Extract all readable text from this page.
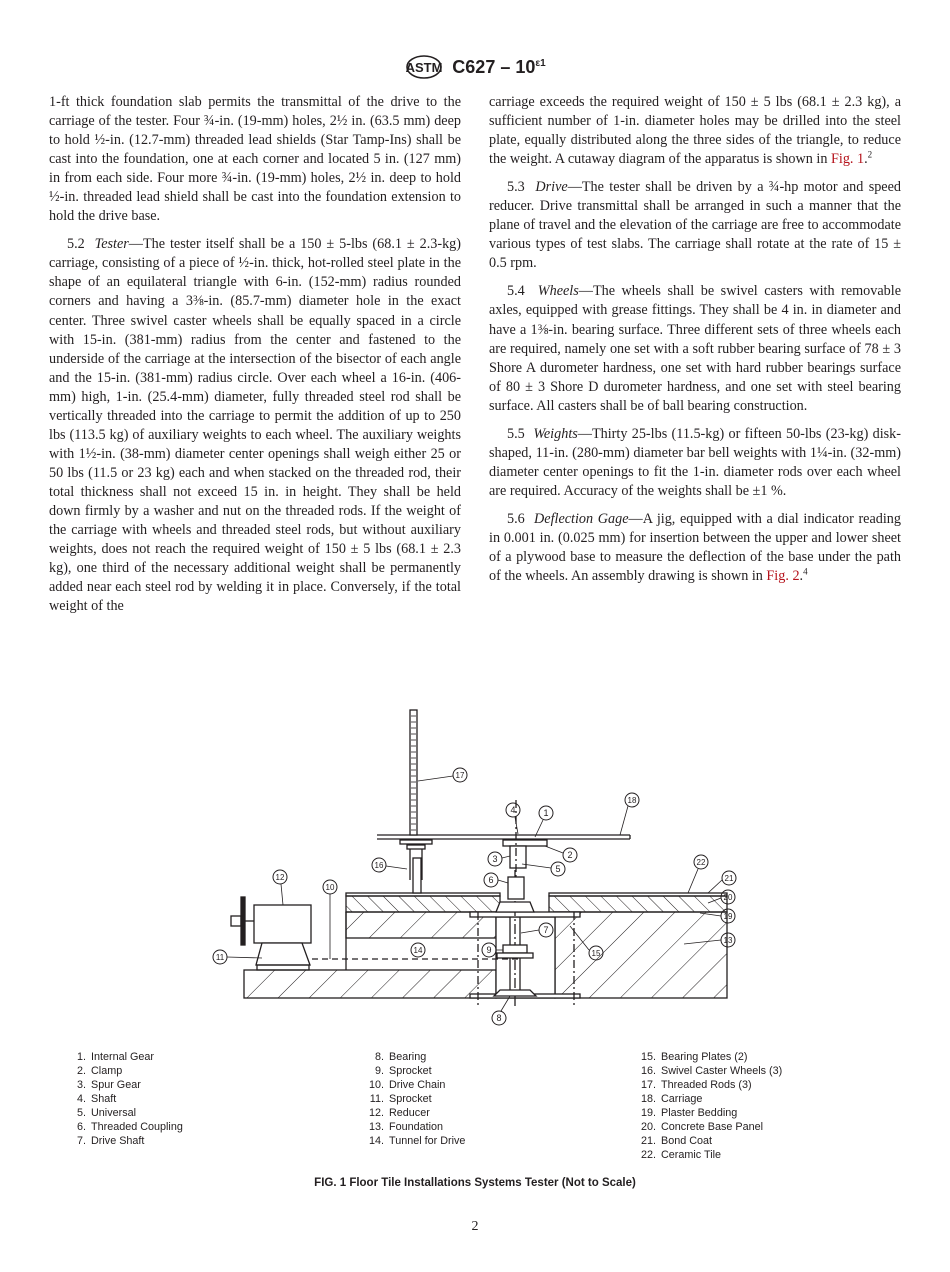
ASTM $C627 - 10^{\varepsilon 1}$

1-ft thick foundation slab permits the transmittal of the drive to the carriage of the tester. Four ¾-in. (19-mm) holes, 2½ in. (63.5 mm) deep to hold ½-in. (12.7-mm) threaded lead shields (Star Tamp-Ins) shall be cast into the foundation, one at each corner and located 5 in. (127 mm) in from each side. Four more ¾-in. (19-mm) holes, 2½ in. deep to hold ½-in. threaded lead shield shall be cast into the foundation extension to hold the drive base.

5.2 Tester—The tester itself shall be a 150 ± 5-lbs (68.1 ± 2.3-kg) carriage, consisting of a piece of ½-in. thick, hot-rolled steel plate in the shape of an equilateral triangle with 6-in. (152-mm) radius rounded corners and having a 3⅜-in. (85.7-mm) diameter hole in the exact center. Three swivel caster wheels shall be equally spaced in a circle with 15-in. (381-mm) radius from the center and fastened to the underside of the carriage at the intersection of the bisector of each angle and the 15-in. (381-mm) radius circle. Over each wheel a 16-in. (406-mm) high, 1-in. (25.4-mm) diameter, fully threaded steel rod shall be vertically threaded into the carriage to permit the addition of up to 250 lbs (113.5 kg) of auxiliary weights to each wheel. The auxiliary weights with 1½-in. (38-mm) diameter center openings shall weigh either 25 or 50 lbs (11.5 or 23 kg) each and when stacked on the threaded rod, their total thickness shall not exceed 15 in. in height. They shall be held down firmly by a washer and nut on the threaded rods. If the weight of the carriage with wheels and threaded steel rods, but without auxiliary weights, does not reach the required weight of 150 ± 5 lbs (68.1 ± 2.3 kg), one third of the necessary additional weight shall be permanently added near each steel rod by welding it in place. Conversely, if the total weight of the

carriage exceeds the required weight of 150 ± 5 lbs (68.1 ± 2.3 kg), a sufficient number of 1-in. diameter holes may be drilled into the steel plate, equally distributed along the three sides of the triangle, to reduce the weight. A cutaway diagram of the apparatus is shown in Fig. 1.$^2$

5.3 Drive—The tester shall be driven by a ¾-hp motor and speed reducer. Drive transmittal shall be arranged in such a manner that the plane of travel and the elevation of the carriage are free to accommodate various types of test slabs. The carriage shall rotate at the rate of 15 ± 0.5 rpm.

5.4 Wheels—The wheels shall be swivel casters with removable axles, equipped with grease fittings. They shall be 4 in. in diameter and have a 1⅜-in. bearing surface. Three different sets of three wheels each are required, namely one set with a soft rubber bearing surface of 78 ± 3 Shore A durometer hardness, one set with hard rubber bearings surface of 80 ± 3 Shore D durometer hardness, and one set with steel bearing surface. All casters shall be of ball bearing construction.

5.5 Weights—Thirty 25-lbs (11.5-kg) or fifteen 50-lbs (23-kg) disk-shaped, 11-in. (280-mm) diameter bar bell weights with 1¼-in. (32-mm) diameter center openings to fit the 1-in. diameter rods over each wheel are required. Accuracy of the weights shall be ±1 %.

5.6 Deflection Gage—A jig, equipped with a dial indicator reading in 0.001 in. (0.025 mm) for insertion between the upper and lower sheet of a plywood base to measure the deflection of the base under the path of the wheels. An assembly drawing is shown in Fig. 2.$^4$

1
2
3
4
5
6
7
8
9
10
11
12
13
14	15
16
17
18
19
20
21
22
1. Internal Gear
2. Clamp
3. Spur Gear
4. Shaft
5. Universal
6. Threaded Coupling
7. Drive Shaft
8. Bearing
9. Sprocket
10. Drive Chain
11. Sprocket
12. Reducer
13. Foundation
14. Tunnel for Drive
15. Bearing Plates (2)
16. Swivel Caster Wheels (3)
17. Threaded Rods (3)
18. Carriage
19. Plaster Bedding
20. Concrete Base Panel
21. Bond Coat
22. Ceramic Tile
FIG. 1 Floor Tile Installations Systems Tester (Not to Scale)
2
